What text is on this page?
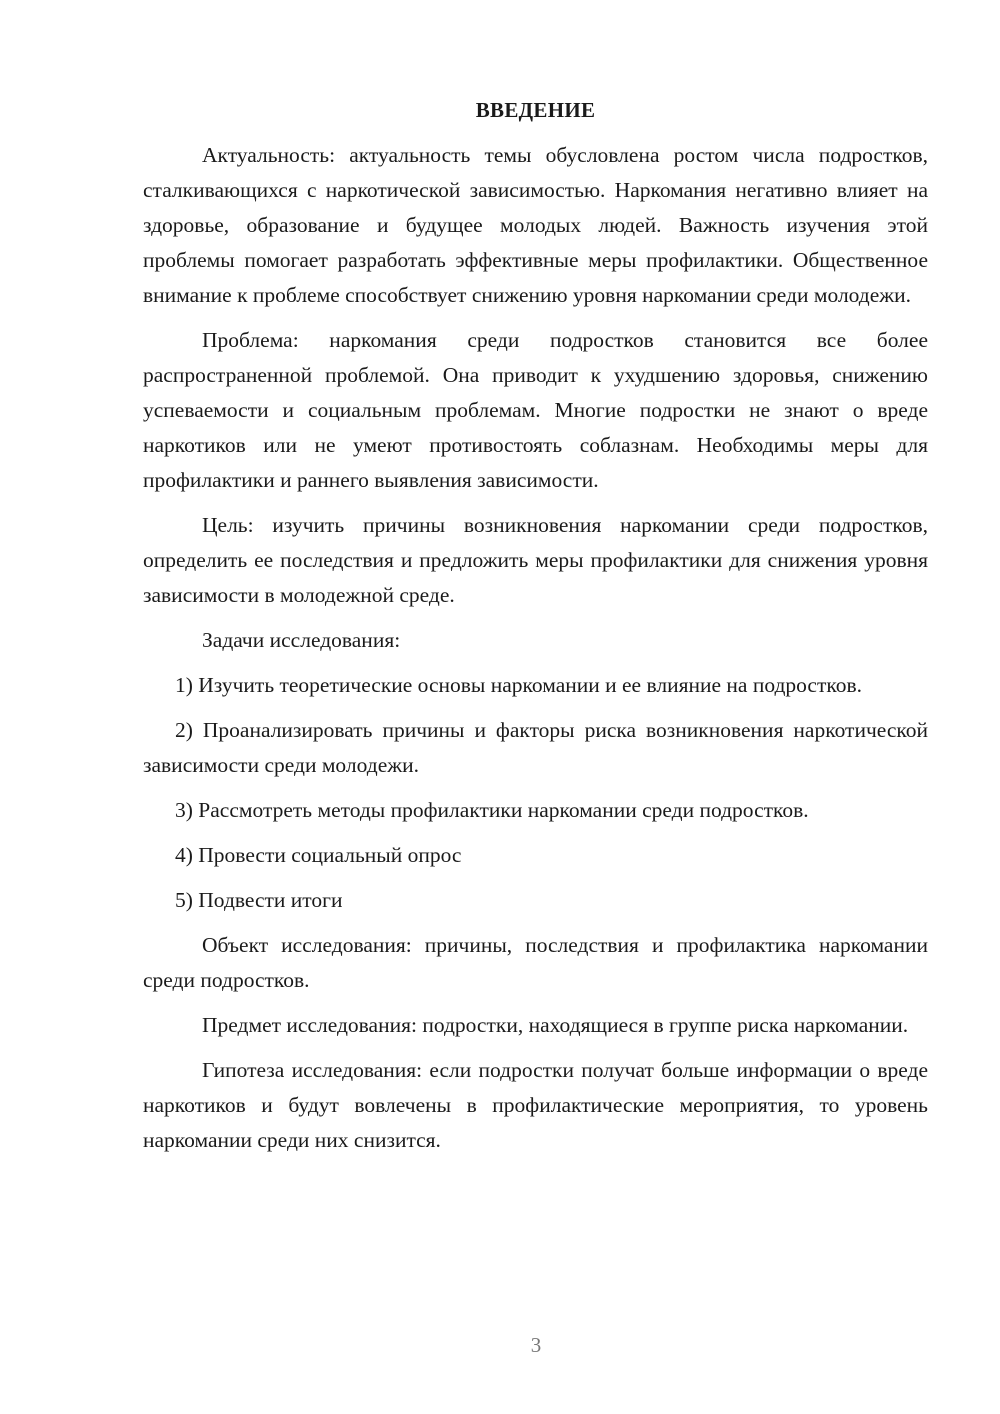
ВВЕДЕНИЕ
Актуальность: актуальность темы обусловлена ростом числа подростков, сталкивающихся с наркотической зависимостью. Наркомания негативно влияет на здоровье, образование и будущее молодых людей. Важность изучения этой проблемы помогает разработать эффективные меры профилактики. Общественное внимание к проблеме способствует снижению уровня наркомании среди молодежи.
Проблема: наркомания среди подростков становится все более распространенной проблемой. Она приводит к ухудшению здоровья, снижению успеваемости и социальным проблемам. Многие подростки не знают о вреде наркотиков или не умеют противостоять соблазнам. Необходимы меры для профилактики и раннего выявления зависимости.
Цель: изучить причины возникновения наркомании среди подростков, определить ее последствия и предложить меры профилактики для снижения уровня зависимости в молодежной среде.
Задачи исследования:
1) Изучить теоретические основы наркомании и ее влияние на подростков.
2) Проанализировать причины и факторы риска возникновения наркотической зависимости среди молодежи.
3) Рассмотреть методы профилактики наркомании среди подростков.
4) Провести социальный опрос
5) Подвести итоги
Объект исследования: причины, последствия и профилактика наркомании среди подростков.
Предмет исследования: подростки, находящиеся в группе риска наркомании.
Гипотеза исследования: если подростки получат больше информации о вреде наркотиков и будут вовлечены в профилактические мероприятия, то уровень наркомании среди них снизится.
3
